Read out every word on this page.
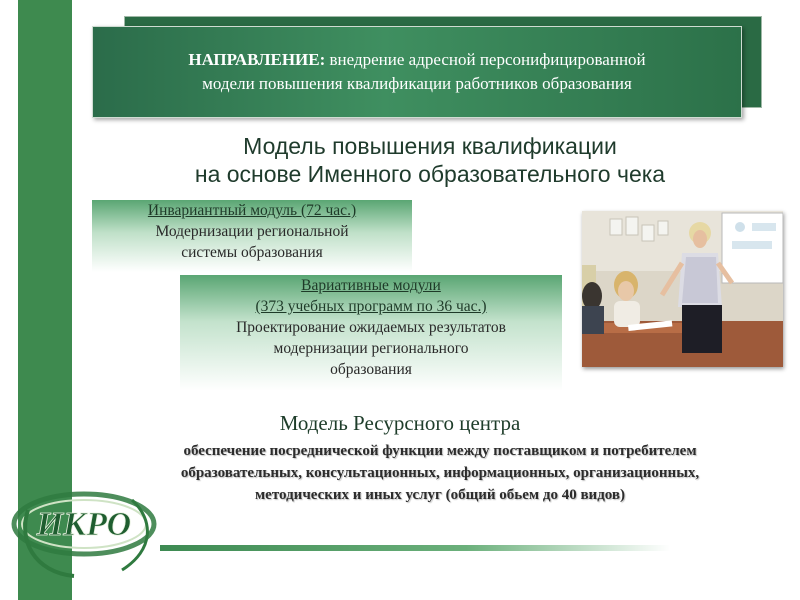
НАПРАВЛЕНИЕ: внедрение адресной персонифицированной
модели повышения квалификации работников образования
Модель повышения квалификации
на основе Именного образовательного чека
Инвариантный модуль (72 час.)
Модернизации региональной
системы образования
Вариативные модули
(373 учебных программ по 36 час.)
Проектирование ожидаемых результатов
модернизации регионального
образования
Модель Ресурсного центра
обеспечение посреднической функции между поставщиком и потребителем
образовательных, консультационных, информационных, организационных,
методических и иных услуг (общий обьем до 40 видов)
ИКРО
